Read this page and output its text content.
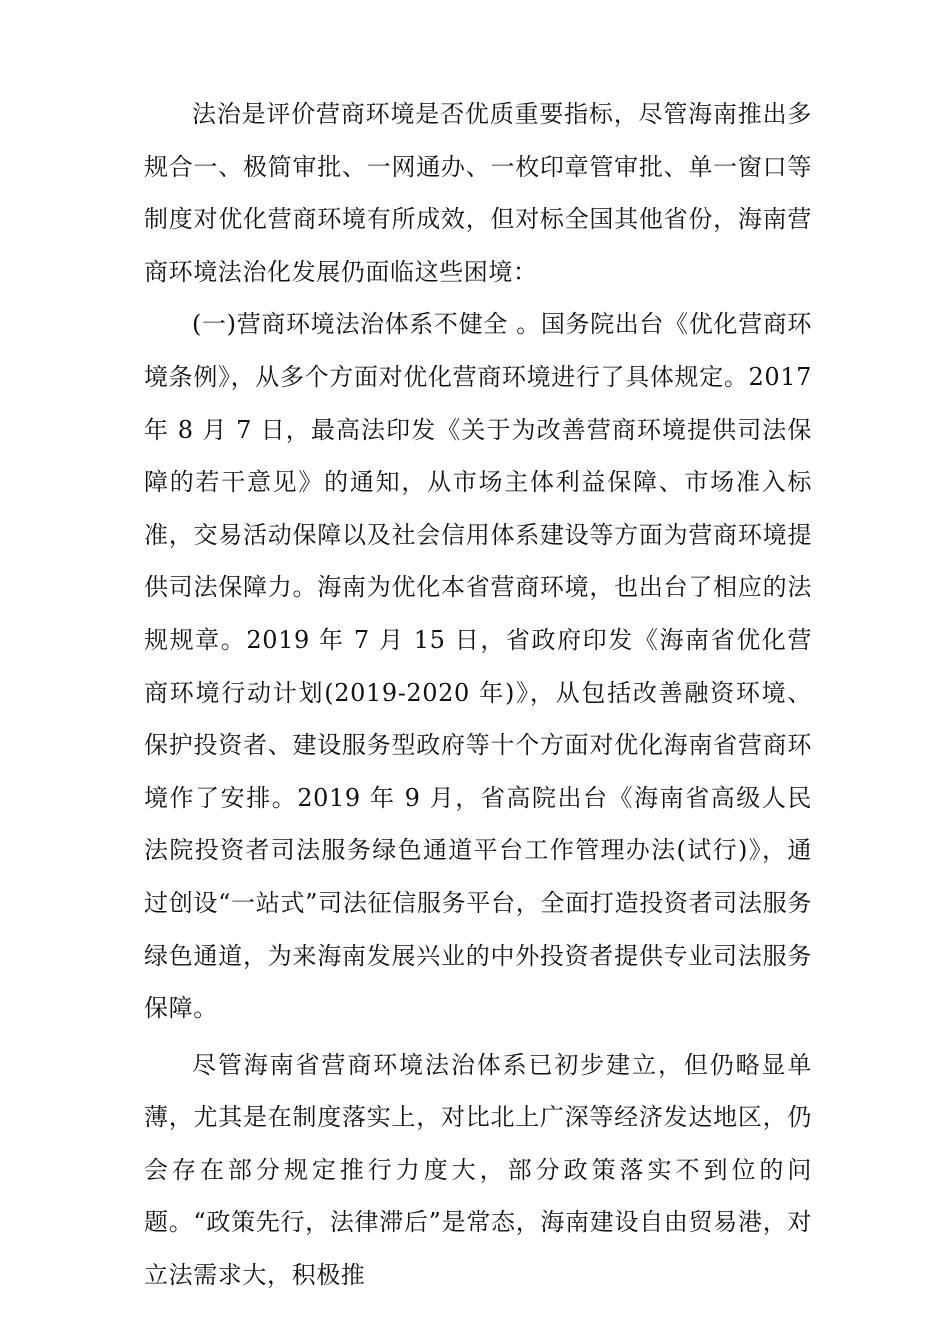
法治是评价营商环境是否优质重要指标，尽管海南推出多规合一、极简审批、一网通办、一枚印章管审批、单一窗口等制度对优化营商环境有所成效，但对标全国其他省份，海南营商环境法治化发展仍面临这些困境：

(一)营商环境法治体系不健全 。国务院出台《优化营商环境条例》，从多个方面对优化营商环境进行了具体规定。2017 年 8 月 7 日，最高法印发《关于为改善营商环境提供司法保障的若干意见》的通知，从市场主体利益保障、市场准入标准，交易活动保障以及社会信用体系建设等方面为营商环境提供司法保障力。海南为优化本省营商环境，也出台了相应的法规规章。2019 年 7 月 15 日，省政府印发《海南省优化营商环境行动计划(2019-2020 年)》，从包括改善融资环境、保护投资者、建设服务型政府等十个方面对优化海南省营商环境作了安排。2019 年 9 月，省高院出台《海南省高级人民法院投资者司法服务绿色通道平台工作管理办法(试行)》，通过创设“一站式”司法征信服务平台，全面打造投资者司法服务绿色通道，为来海南发展兴业的中外投资者提供专业司法服务保障。

尽管海南省营商环境法治体系已初步建立，但仍略显单薄，尤其是在制度落实上，对比北上广深等经济发达地区，仍会存在部分规定推行力度大，部分政策落实不到位的问题。“政策先行，法律滞后”是常态，海南建设自由贸易港，对立法需求大，积极推
